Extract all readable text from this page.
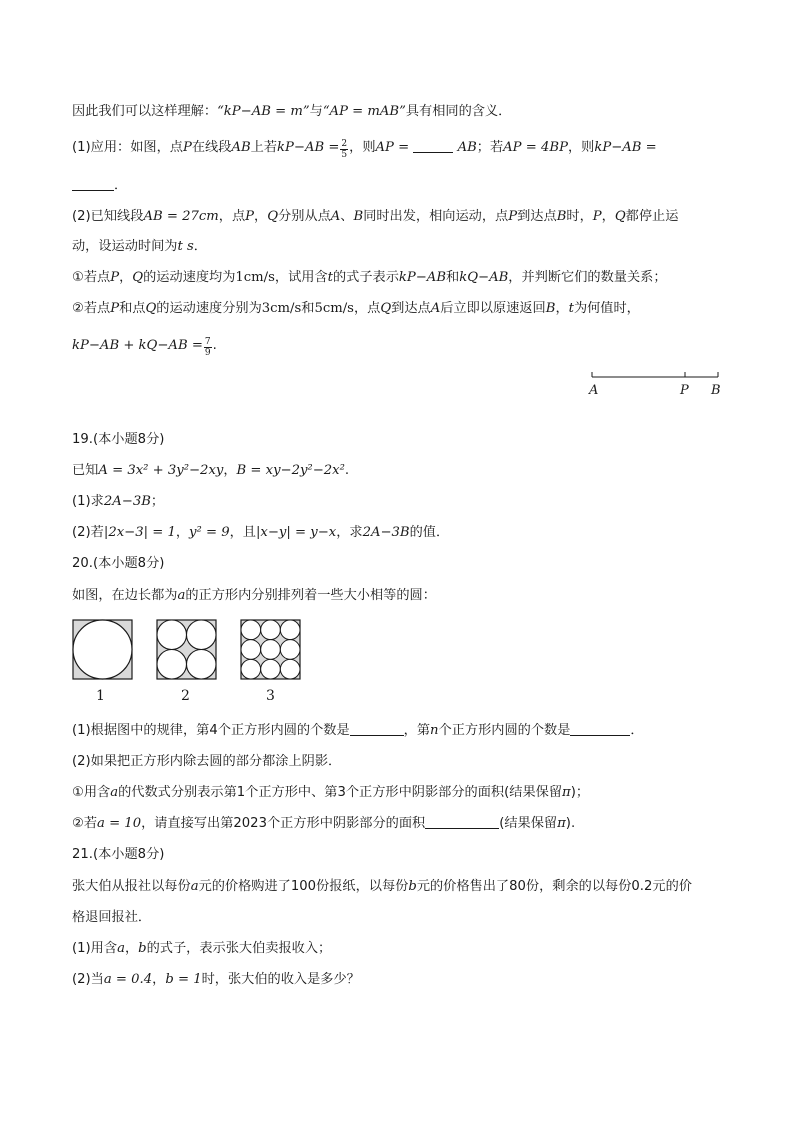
因此我们可以这样理解：“kP−AB = m”与“AP = mAB”具有相同的含义．
(1)应用：如图，点P在线段AB上若$kP-AB = \frac{2}{5}$ ，则AP =	AB；若AP = 4BP，则kP−AB =
．
(2)已知线段AB = 27cm，点P，Q分别从点A、B同时出发，相向运动，点P到达点B时，P，Q都停止运
动，设运动时间为t s．
①若点P，Q的运动速度均为1cm/s，试用含t的式子表示kP−AB和kQ−AB，并判断它们的数量关系；
②若点P和点Q的运动速度分别为3cm/s和5cm/s，点Q到达点A后立即以原速返回B，t为何值时，
$kP-AB + kQ-AB = \frac{7}{9}$ .
A	P B
19.(本小题8分)
已知A = 3x² + 3y²−2xy，B = xy−2y²−2x².
(1)求2A−3B；
(2)若|2x−3| = 1，y² = 9，且|x−y| = y−x，求2A−3B的值．
20.(本小题8分)
如图，在边长都为a的正方形内分别排列着一些大小相等的圆：
1	2	3
(1)根据图中的规律，第4个正方形内圆的个数是	，第n个正方形内圆的个数是	．
(2)如果把正方形内除去圆的部分都涂上阴影．
①用含a的代数式分别表示第1个正方形中、第3个正方形中阴影部分的面积(结果保留π)；
②若a = 10，请直接写出第2023个正方形中阴影部分的面积	(结果保留π).
21.(本小题8分)
张大伯从报社以每份a元的价格购进了100份报纸，以每份b元的价格售出了80份，剩余的以每份0.2元的价
格退回报社．
(1)用含a，b的式子，表示张大伯卖报收入；
(2)当a = 0.4，b = 1时，张大伯的收入是多少？
